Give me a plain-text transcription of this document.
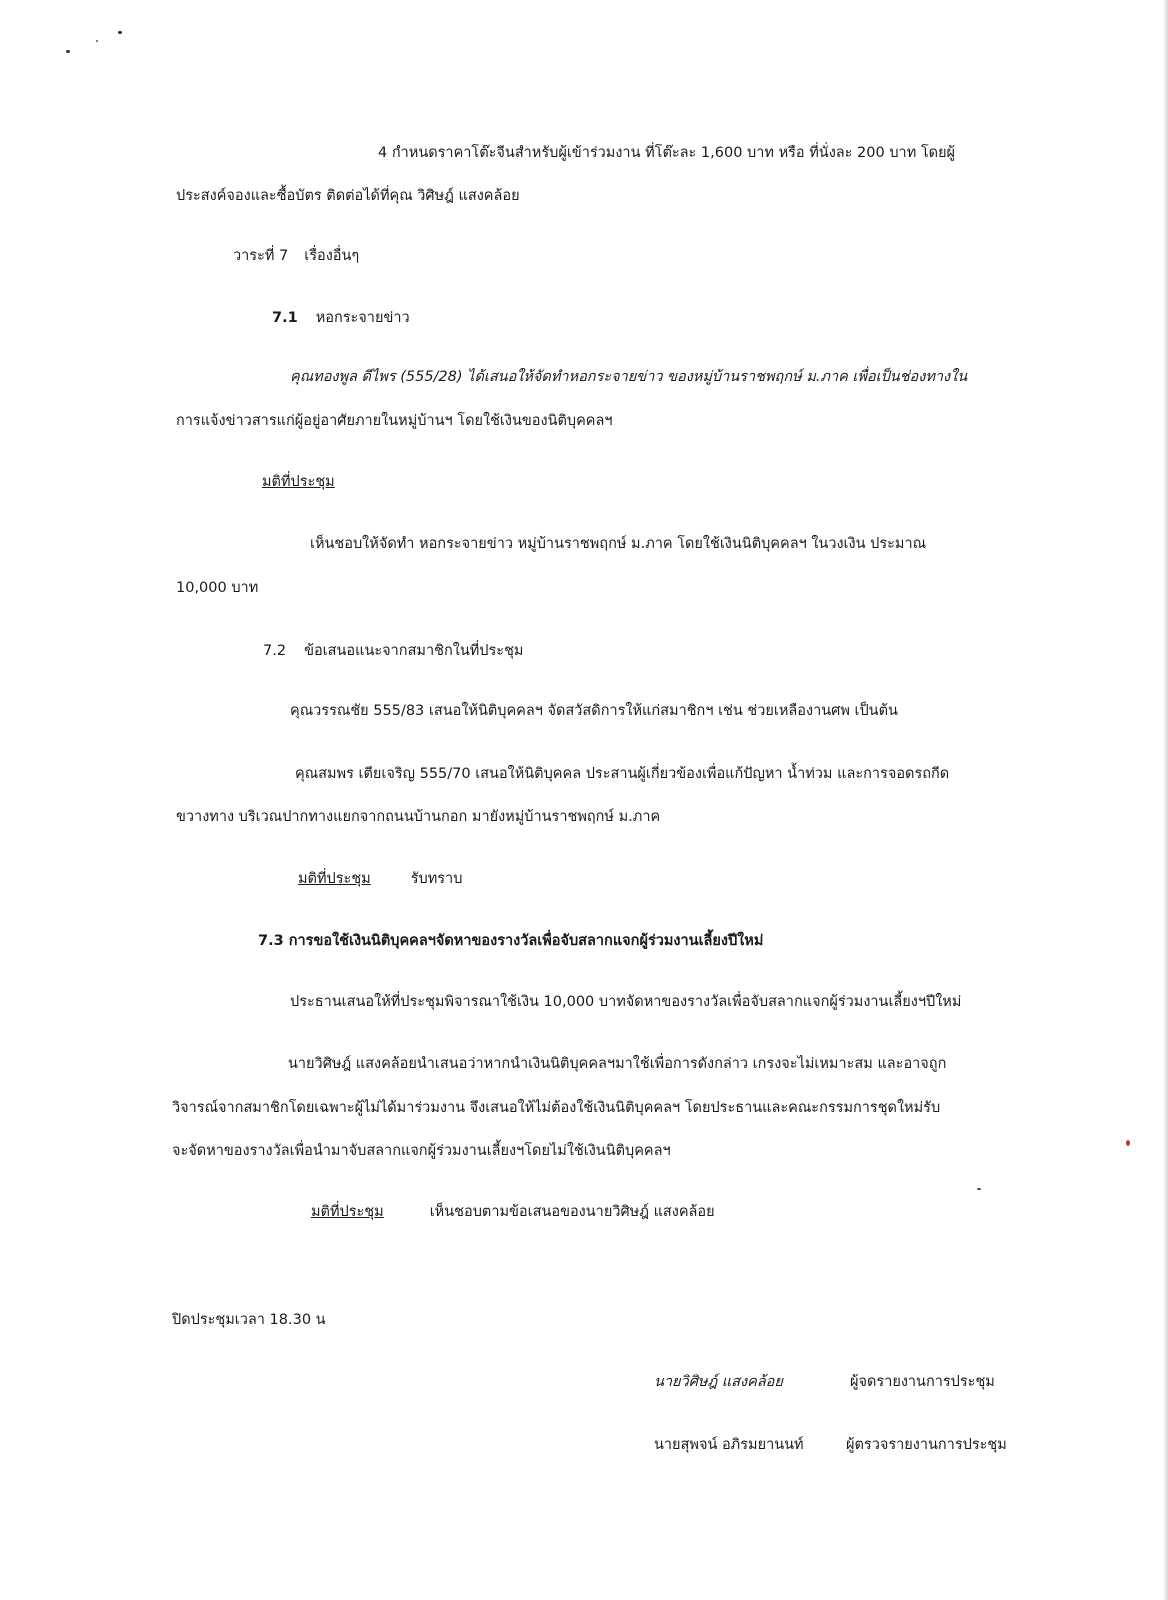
4 กำหนดราคาโต๊ะจีนสำหรับผู้เข้าร่วมงาน ที่โต๊ะละ 1,600 บาท หรือ ที่นั่งละ 200 บาท โดยผู้
ประสงค์จองและซื้อบัตร ติดต่อได้ที่คุณ วิศิษฎ์ แสงคล้อย
วาระที่ 7 เรื่องอื่นๆ
7.1 หอกระจายข่าว
คุณทองพูล ดีไพร (555/28) ได้เสนอให้จัดทำหอกระจายข่าว ของหมู่บ้านราชพฤกษ์ ม.ภาค เพื่อเป็นช่องทางใน
การแจ้งข่าวสารแก่ผู้อยู่อาศัยภายในหมู่บ้านฯ โดยใช้เงินของนิติบุคคลฯ
มติที่ประชุม
เห็นชอบให้จัดทำ หอกระจายข่าว หมู่บ้านราชพฤกษ์ ม.ภาค โดยใช้เงินนิติบุคคลฯ ในวงเงิน ประมาณ
10,000 บาท
7.2 ข้อเสนอแนะจากสมาชิกในที่ประชุม
คุณวรรณชัย 555/83 เสนอให้นิติบุคคลฯ จัดสวัสดิการให้แก่สมาชิกฯ เช่น ช่วยเหลืองานศพ เป็นต้น
คุณสมพร เตียเจริญ 555/70 เสนอให้นิติบุคคล ประสานผู้เกี่ยวข้องเพื่อแก้ปัญหา น้ำท่วม และการจอดรถกีด
ขวางทาง บริเวณปากทางแยกจากถนนบ้านกอก มายังหมู่บ้านราชพฤกษ์ ม.ภาค
มติที่ประชุม	รับทราบ
7.3 การขอใช้เงินนิติบุคคลฯจัดหาของรางวัลเพื่อจับสลากแจกผู้ร่วมงานเลี้ยงปีใหม่
ประธานเสนอให้ที่ประชุมพิจารณาใช้เงิน 10,000 บาทจัดหาของรางวัลเพื่อจับสลากแจกผู้ร่วมงานเลี้ยงฯปีใหม่
นายวิศิษฎ์ แสงคล้อยนำเสนอว่าหากนำเงินนิติบุคคลฯมาใช้เพื่อการดังกล่าว เกรงจะไม่เหมาะสม และอาจถูก
วิจารณ์จากสมาชิกโดยเฉพาะผู้ไม่ได้มาร่วมงาน จึงเสนอให้ไม่ต้องใช้เงินนิติบุคคลฯ โดยประธานและคณะกรรมการชุดใหม่รับ
จะจัดหาของรางวัลเพื่อนำมาจับสลากแจกผู้ร่วมงานเลี้ยงฯโดยไม่ใช้เงินนิติบุคคลฯ
มติที่ประชุม	เห็นชอบตามข้อเสนอของนายวิศิษฎ์ แสงคล้อย
ปิดประชุมเวลา 18.30 น
นายวิศิษฎ์ แสงคล้อย	ผู้จดรายงานการประชุม
นายสุพจน์ อภิรมยานนท์	ผู้ตรวจรายงานการประชุม
